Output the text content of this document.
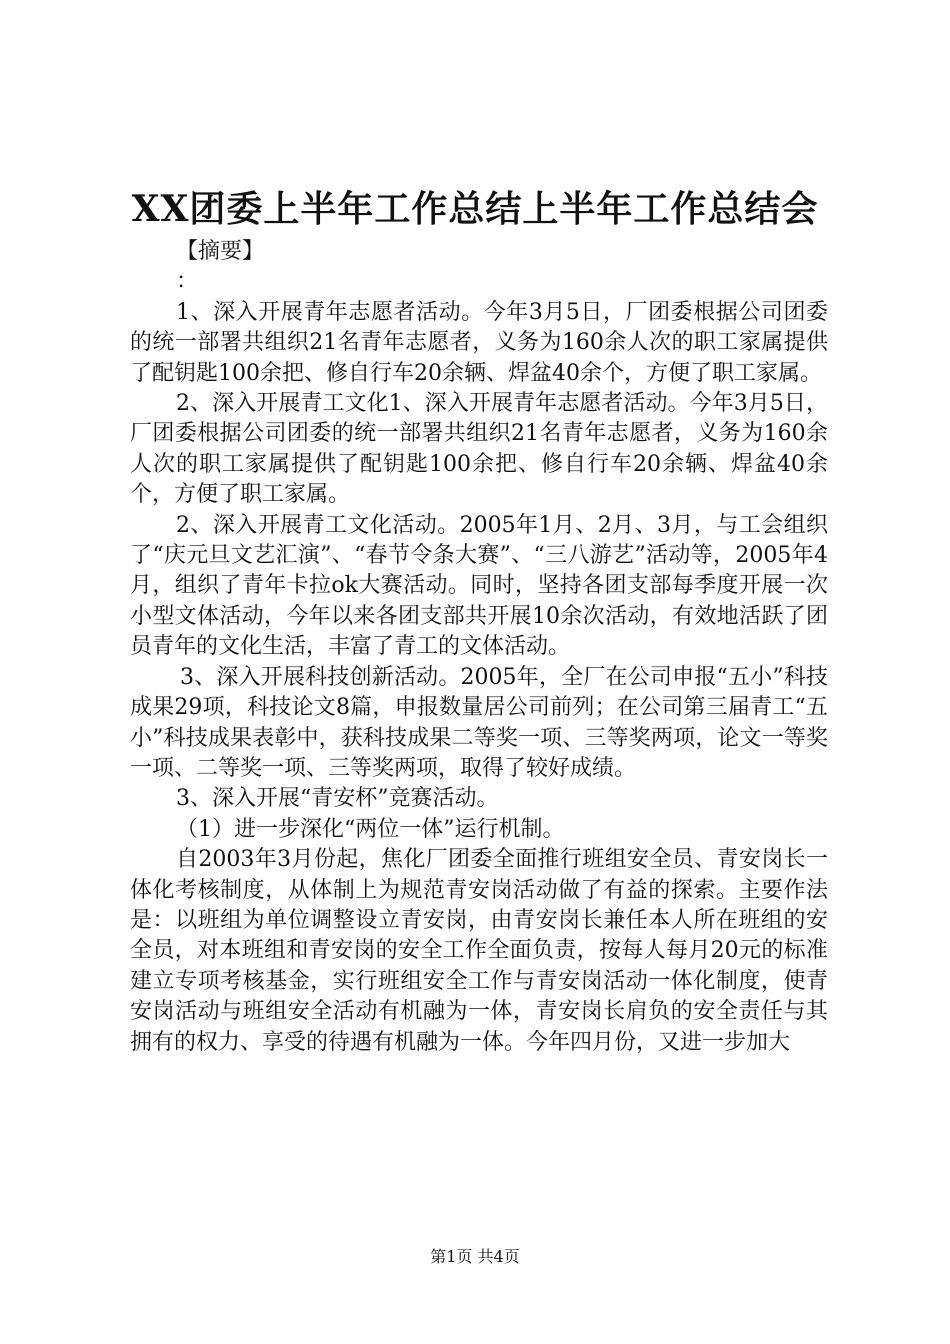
XX团委上半年工作总结上半年工作总结会

【摘要】

：

1、深入开展青年志愿者活动。今年3月5日，厂团委根据公司团委的统一部署共组织21名青年志愿者，义务为160余人次的职工家属提供了配钥匙100余把、修自行车20余辆、焊盆40余个，方便了职工家属。

2、深入开展青工文化1、深入开展青年志愿者活动。今年3月5日，厂团委根据公司团委的统一部署共组织21名青年志愿者，义务为160余人次的职工家属提供了配钥匙100余把、修自行车20余辆、焊盆40余个，方便了职工家属。

2、深入开展青工文化活动。2005年1月、2月、3月，与工会组织了“庆元旦文艺汇演”、“春节令条大赛”、“三八游艺”活动等，2005年4月，组织了青年卡拉ok大赛活动。同时，坚持各团支部每季度开展一次小型文体活动，今年以来各团支部共开展10余次活动，有效地活跃了团员青年的文化生活，丰富了青工的文体活动。

3、深入开展科技创新活动。2005年，全厂在公司申报“五小”科技成果29项，科技论文8篇，申报数量居公司前列；在公司第三届青工“五小”科技成果表彰中，获科技成果二等奖一项、三等奖两项，论文一等奖一项、二等奖一项、三等奖两项，取得了较好成绩。

3、深入开展“青安杯”竞赛活动。

（1）进一步深化“两位一体”运行机制。

自2003年3月份起，焦化厂团委全面推行班组安全员、青安岗长一体化考核制度，从体制上为规范青安岗活动做了有益的探索。主要作法是：以班组为单位调整设立青安岗，由青安岗长兼任本人所在班组的安全员，对本班组和青安岗的安全工作全面负责，按每人每月20元的标准建立专项考核基金，实行班组安全工作与青安岗活动一体化制度，使青安岗活动与班组安全活动有机融为一体，青安岗长肩负的安全责任与其拥有的权力、享受的待遇有机融为一体。今年四月份，又进一步加大

第1页 共4页
